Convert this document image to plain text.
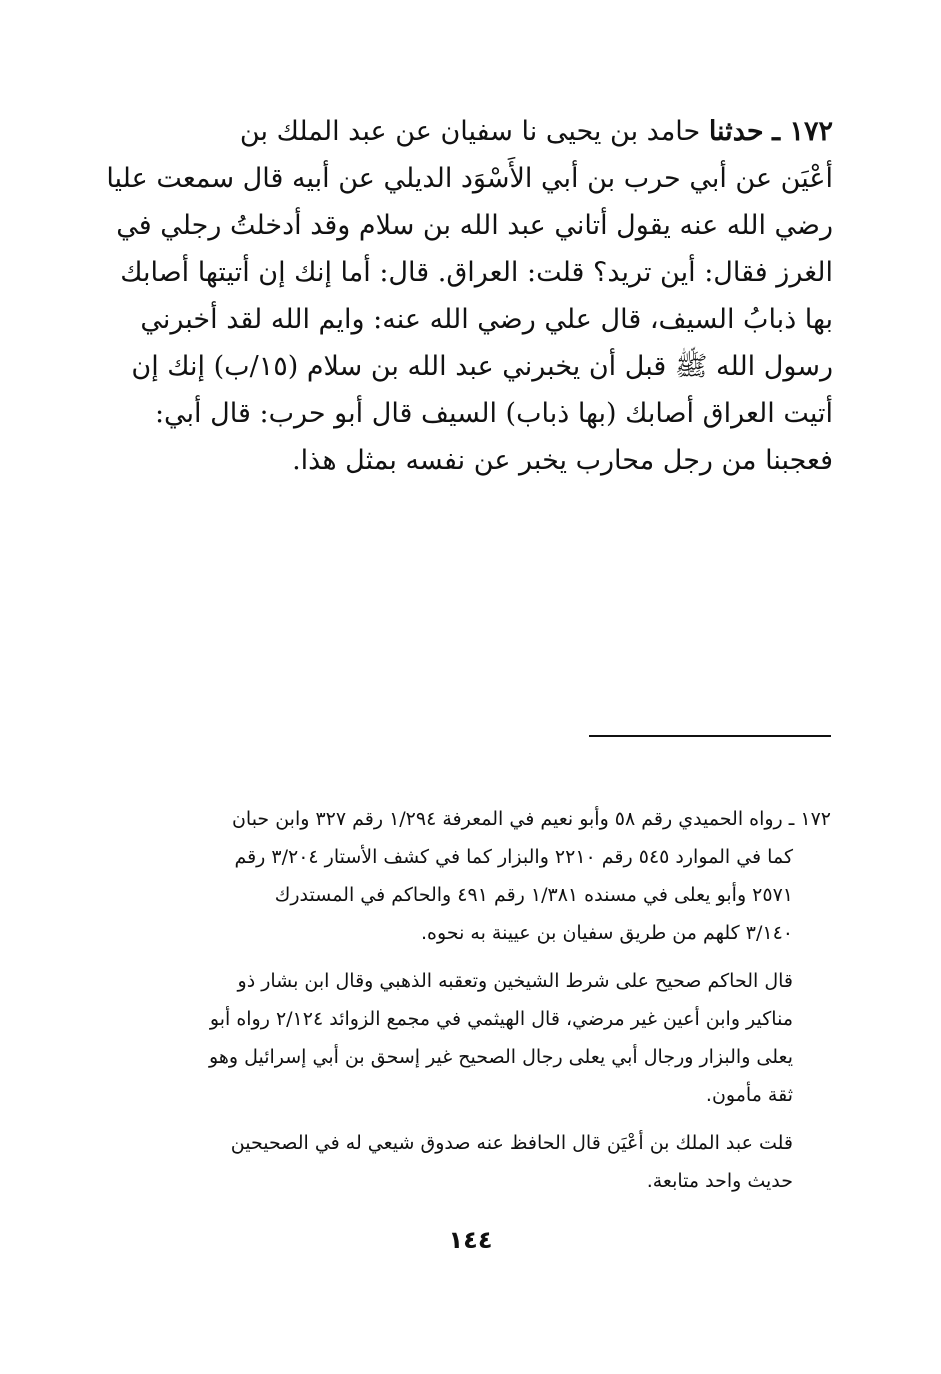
١٧٢ ـ حدثنا حامد بن يحيى نا سفيان عن عبد الملك بن
أعْيَن عن أبي حرب بن أبي الأَسْوَد الديلي عن أبيه قال سمعت عليا
رضي الله عنه يقول أتاني عبد الله بن سلام وقد أدخلتُ رجلي في
الغرز فقال: أين تريد؟ قلت: العراق. قال: أما إنك إن أتيتها أصابك
بها ذبابُ السيف، قال علي رضي الله عنه: وايم الله لقد أخبرني
رسول الله ﷺ قبل أن يخبرني عبد الله بن سلام (١٥/ب) إنك إن
أتيت العراق أصابك (بها ذباب) السيف قال أبو حرب: قال أبي:
فعجبنا من رجل محارب يخبر عن نفسه بمثل هذا.
١٧٢ ـ رواه الحميدي رقم ٥٨ وأبو نعيم في المعرفة ١/٢٩٤ رقم ٣٢٧ وابن حبان
كما في الموارد ٥٤٥ رقم ٢٢١٠ والبزار كما في كشف الأستار ٣/٢٠٤ رقم
٢٥٧١ وأبو يعلى في مسنده ١/٣٨١ رقم ٤٩١ والحاكم في المستدرك
٣/١٤٠ كلهم من طريق سفيان بن عيينة به نحوه.
قال الحاكم صحيح على شرط الشيخين وتعقبه الذهبي وقال ابن بشار ذو
مناكير وابن أعين غير مرضي، قال الهيثمي في مجمع الزوائد ٢/١٢٤ رواه أبو
يعلى والبزار ورجال أبي يعلى رجال الصحيح غير إسحق بن أبي إسرائيل وهو
ثقة مأمون.
قلت عبد الملك بن أعْيَن قال الحافظ عنه صدوق شيعي له في الصحيحين
حديث واحد متابعة.
١٤٤
